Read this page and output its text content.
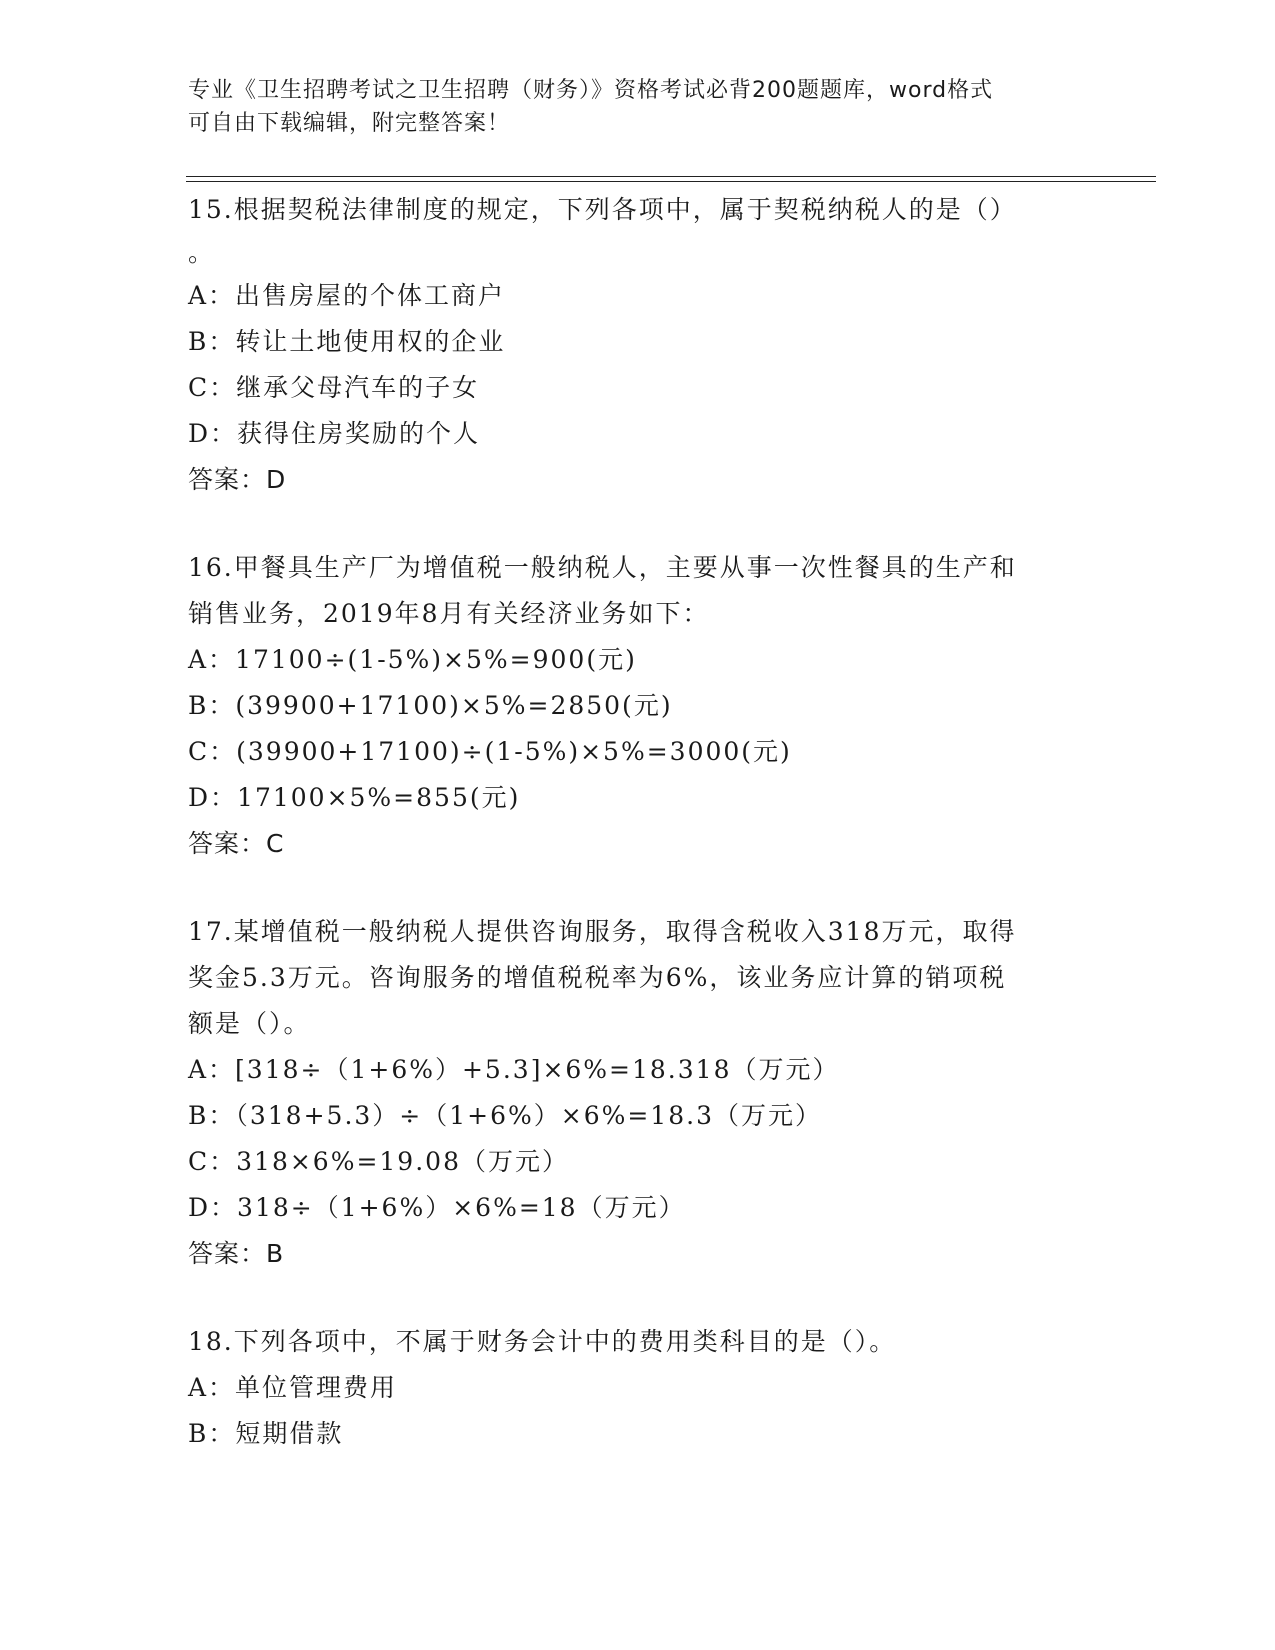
专业《卫生招聘考试之卫生招聘（财务）》资格考试必背200题题库，word格式
可自由下载编辑，附完整答案！
15.根据契税法律制度的规定，下列各项中，属于契税纳税人的是（）
。
A：出售房屋的个体工商户
B：转让土地使用权的企业
C：继承父母汽车的子女
D：获得住房奖励的个人
答案：D
16.甲餐具生产厂为增值税一般纳税人，主要从事一次性餐具的生产和
销售业务，2019年8月有关经济业务如下：
A：17100÷(1-5%)×5%=900(元)
B：(39900+17100)×5%=2850(元)
C：(39900+17100)÷(1-5%)×5%=3000(元)
D：17100×5%=855(元)
答案：C
17.某增值税一般纳税人提供咨询服务，取得含税收入318万元，取得
奖金5.3万元。咨询服务的增值税税率为6%，该业务应计算的销项税
额是（）。
A：[318÷（1+6%）+5.3]×6%=18.318（万元）
B：（318+5.3）÷（1+6%）×6%=18.3（万元）
C：318×6%=19.08（万元）
D：318÷（1+6%）×6%=18（万元）
答案：B
18.下列各项中，不属于财务会计中的费用类科目的是（）。
A：单位管理费用
B：短期借款
